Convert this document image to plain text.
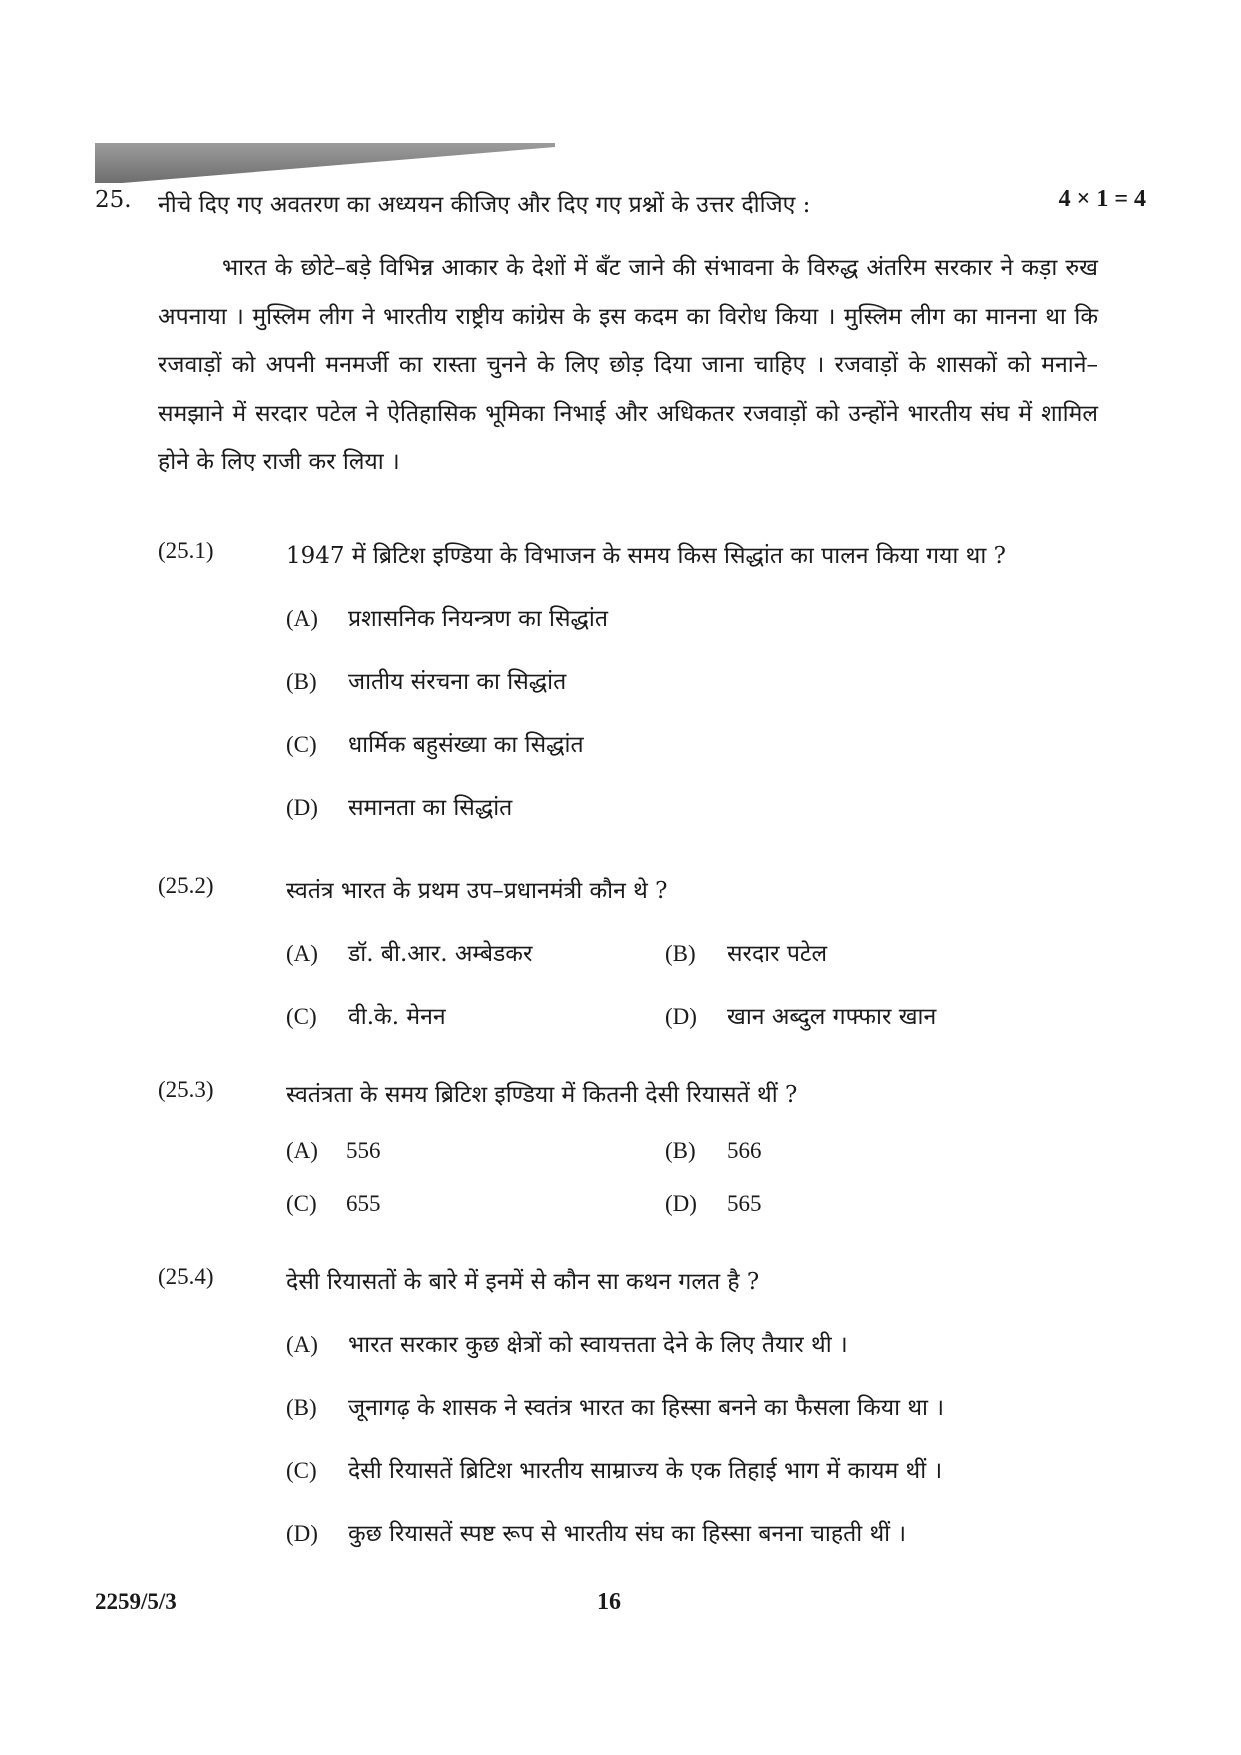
25. नीचे दिए गए अवतरण का अध्ययन कीजिए और दिए गए प्रश्नों के उत्तर दीजिए :	4 × 1 = 4
भारत के छोटे–बड़े विभिन्न आकार के देशों में बँट जाने की संभावना के विरुद्ध अंतरिम सरकार ने कड़ा रुख अपनाया । मुस्लिम लीग ने भारतीय राष्ट्रीय कांग्रेस के इस कदम का विरोध किया । मुस्लिम लीग का मानना था कि रजवाड़ों को अपनी मनमर्जी का रास्ता चुनने के लिए छोड़ दिया जाना चाहिए । रजवाड़ों के शासकों को मनाने–समझाने में सरदार पटेल ने ऐतिहासिक भूमिका निभाई और अधिकतर रजवाड़ों को उन्होंने भारतीय संघ में शामिल होने के लिए राजी कर लिया ।
(25.1)	1947 में ब्रिटिश इण्डिया के विभाजन के समय किस सिद्धांत का पालन किया गया था ?
(A) प्रशासनिक नियन्त्रण का सिद्धांत
(B) जातीय संरचना का सिद्धांत
(C) धार्मिक बहुसंख्या का सिद्धांत
(D) समानता का सिद्धांत
(25.2)	स्वतंत्र भारत के प्रथम उप–प्रधानमंत्री कौन थे ?
(A) डॉ. बी.आर. अम्बेडकर	(B) सरदार पटेल
(C) वी.के. मेनन	(D) खान अब्दुल गफ्फार खान
(25.3)	स्वतंत्रता के समय ब्रिटिश इण्डिया में कितनी देसी रियासतें थीं ?
(A) 556	(B) 566
(C) 655	(D) 565
(25.4)	देसी रियासतों के बारे में इनमें से कौन सा कथन गलत है ?
(A) भारत सरकार कुछ क्षेत्रों को स्वायत्तता देने के लिए तैयार थी ।
(B) जूनागढ़ के शासक ने स्वतंत्र भारत का हिस्सा बनने का फैसला किया था ।
(C) देसी रियासतें ब्रिटिश भारतीय साम्राज्य के एक तिहाई भाग में कायम थीं ।
(D) कुछ रियासतें स्पष्ट रूप से भारतीय संघ का हिस्सा बनना चाहती थीं ।
2259/5/3	16
